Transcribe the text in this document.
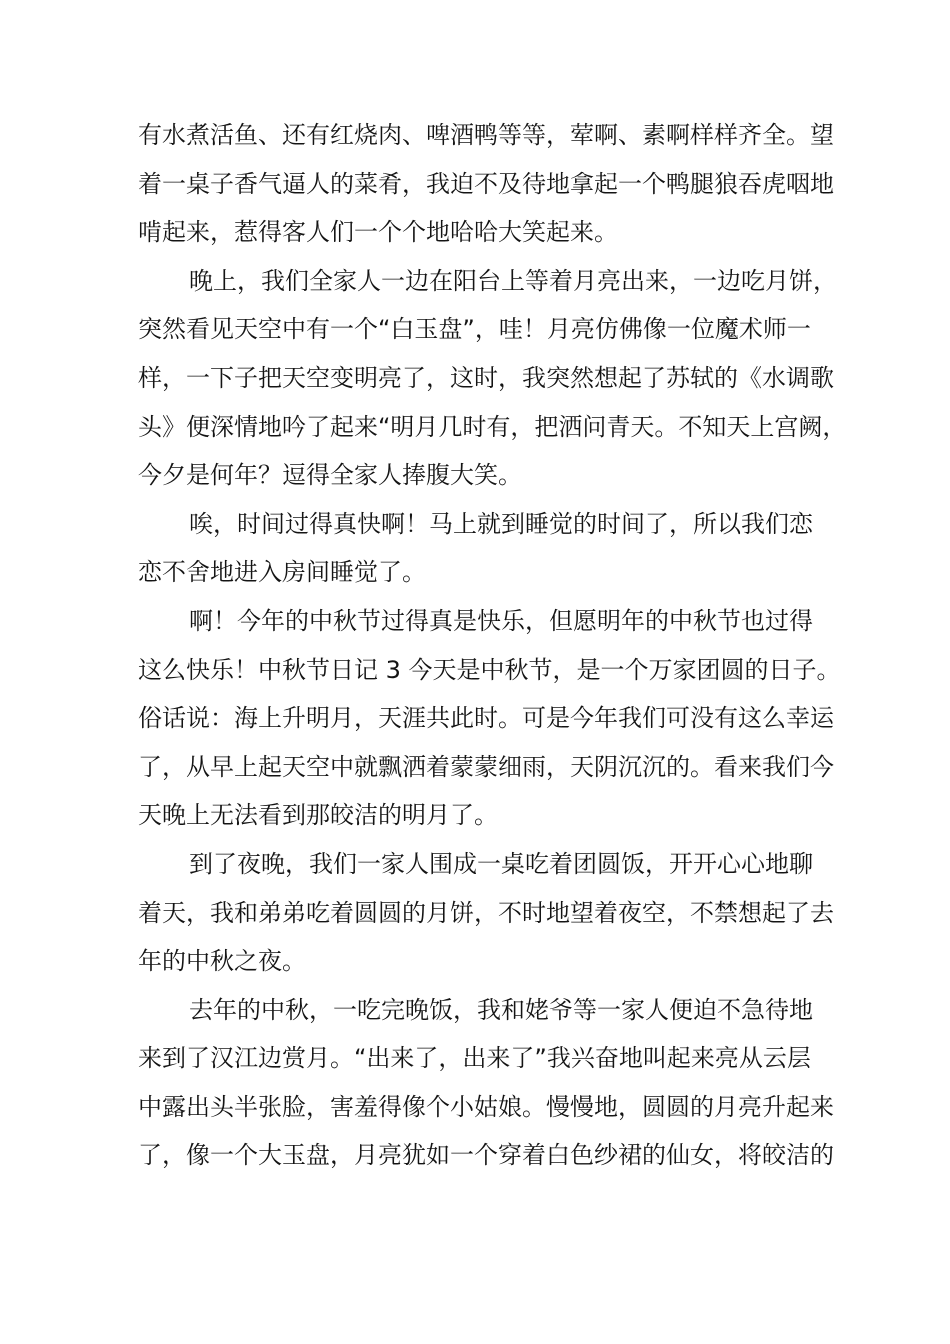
有水煮活鱼、还有红烧肉、啤酒鸭等等，荤啊、素啊样样齐全。望
着一桌子香气逼人的菜肴，我迫不及待地拿起一个鸭腿狼吞虎咽地
啃起来，惹得客人们一个个地哈哈大笑起来。
晚上，我们全家人一边在阳台上等着月亮出来，一边吃月饼，
突然看见天空中有一个“白玉盘”，哇！月亮仿佛像一位魔术师一
样，一下子把天空变明亮了，这时，我突然想起了苏轼的《水调歌
头》便深情地吟了起来“明月几时有，把洒问青天。不知天上宫阙，
今夕是何年？逗得全家人捧腹大笑。
唉，时间过得真快啊！马上就到睡觉的时间了，所以我们恋
恋不舍地进入房间睡觉了。
啊！今年的中秋节过得真是快乐，但愿明年的中秋节也过得
这么快乐！中秋节日记 3 今天是中秋节，是一个万家团圆的日子。
俗话说：海上升明月，天涯共此时。可是今年我们可没有这么幸运
了，从早上起天空中就飘洒着蒙蒙细雨，天阴沉沉的。看来我们今
天晚上无法看到那皎洁的明月了。
到了夜晚，我们一家人围成一桌吃着团圆饭，开开心心地聊
着天，我和弟弟吃着圆圆的月饼，不时地望着夜空，不禁想起了去
年的中秋之夜。
去年的中秋，一吃完晚饭，我和姥爷等一家人便迫不急待地
来到了汉江边赏月。“出来了，出来了”我兴奋地叫起来亮从云层
中露出头半张脸，害羞得像个小姑娘。慢慢地，圆圆的月亮升起来
了，像一个大玉盘，月亮犹如一个穿着白色纱裙的仙女，将皎洁的
